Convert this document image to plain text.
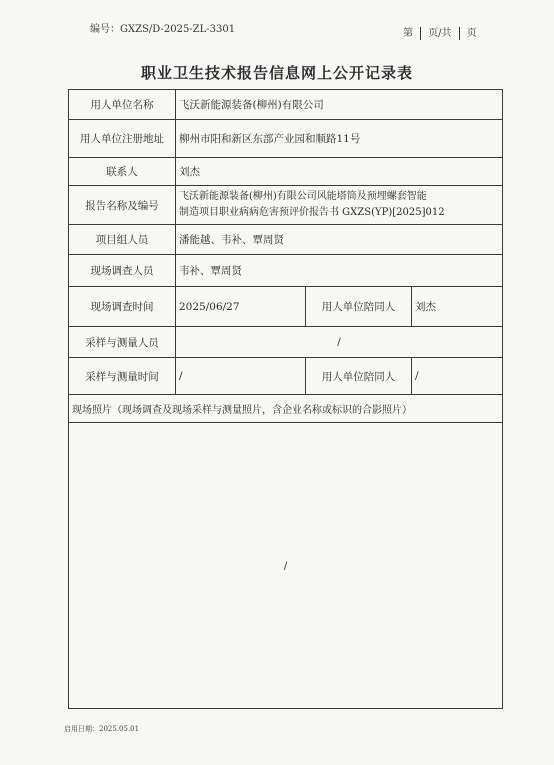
编号：GXZS/D-2025-ZL-3301	第 页/共 页
职业卫生技术报告信息网上公开记录表
用人单位名称	飞沃新能源装备(柳州)有限公司		
用人单位注册地址	柳州市阳和新区东部产业园和顺路11号		
联系人	刘杰		
报告名称及编号	飞沃新能源装备(柳州)有限公司风能塔筒及预埋螺套智能
制造项目职业病病危害预评价报告书 GXZS(YP)[2025]012		

项目组人员	潘能越、韦补、覃周贤		
现场调查人员	韦补、覃周贤		
现场调查时间	2025/06/27	用人单位陪同人	刘杰
采样与测量人员	/		
采样与测量时间	/	用人单位陪同人	/
现场照片（现场调查及现场采样与测量照片，含企业名称或标识的合影照片）			
/			
启用日期：2025.05.01
